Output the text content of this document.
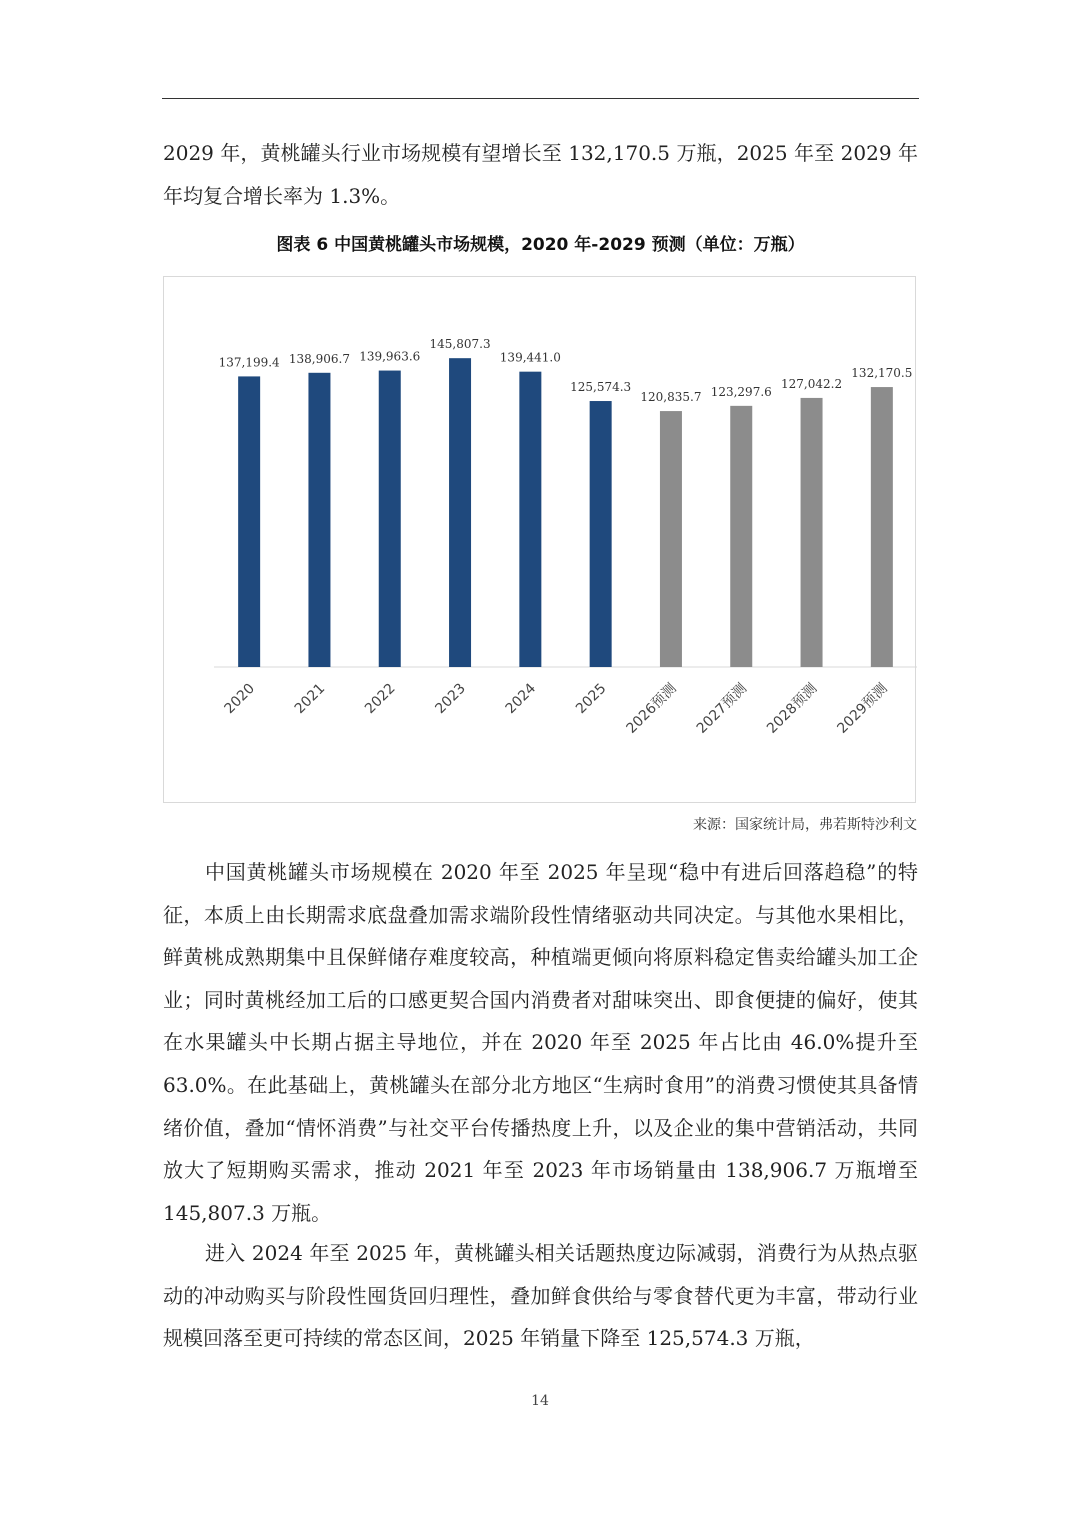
2029 年，黄桃罐头行业市场规模有望增长至 132,170.5 万瓶，2025 年至 2029 年年均复合增长率为 1.3%。

图表 6 中国黄桃罐头市场规模，2020 年-2029 预测（单位：万瓶）
137,199.4
2020
138,906.7
2021
139,963.6
2022
145,807.3
2023
139,441.0
2024
125,574.3
2025
120,835.7
2026预测
123,297.6
2027预测
127,042.2
2028预测
132,170.5
2029预测
来源：国家统计局，弗若斯特沙利文

中国黄桃罐头市场规模在 2020 年至 2025 年呈现“稳中有进后回落趋稳”的特征，本质上由长期需求底盘叠加需求端阶段性情绪驱动共同决定。与其他水果相比，鲜黄桃成熟期集中且保鲜储存难度较高，种植端更倾向将原料稳定售卖给罐头加工企业；同时黄桃经加工后的口感更契合国内消费者对甜味突出、即食便捷的偏好，使其在水果罐头中长期占据主导地位，并在 2020 年至 2025 年占比由 46.0%提升至 63.0%。在此基础上，黄桃罐头在部分北方地区“生病时食用”的消费习惯使其具备情绪价值，叠加“情怀消费”与社交平台传播热度上升，以及企业的集中营销活动，共同放大了短期购买需求，推动 2021 年至 2023 年市场销量由 138,906.7 万瓶增至 145,807.3 万瓶。

进入 2024 年至 2025 年，黄桃罐头相关话题热度边际减弱，消费行为从热点驱动的冲动购买与阶段性囤货回归理性，叠加鲜食供给与零食替代更为丰富，带动行业规模回落至更可持续的常态区间，2025 年销量下降至 125,574.3 万瓶，

14
